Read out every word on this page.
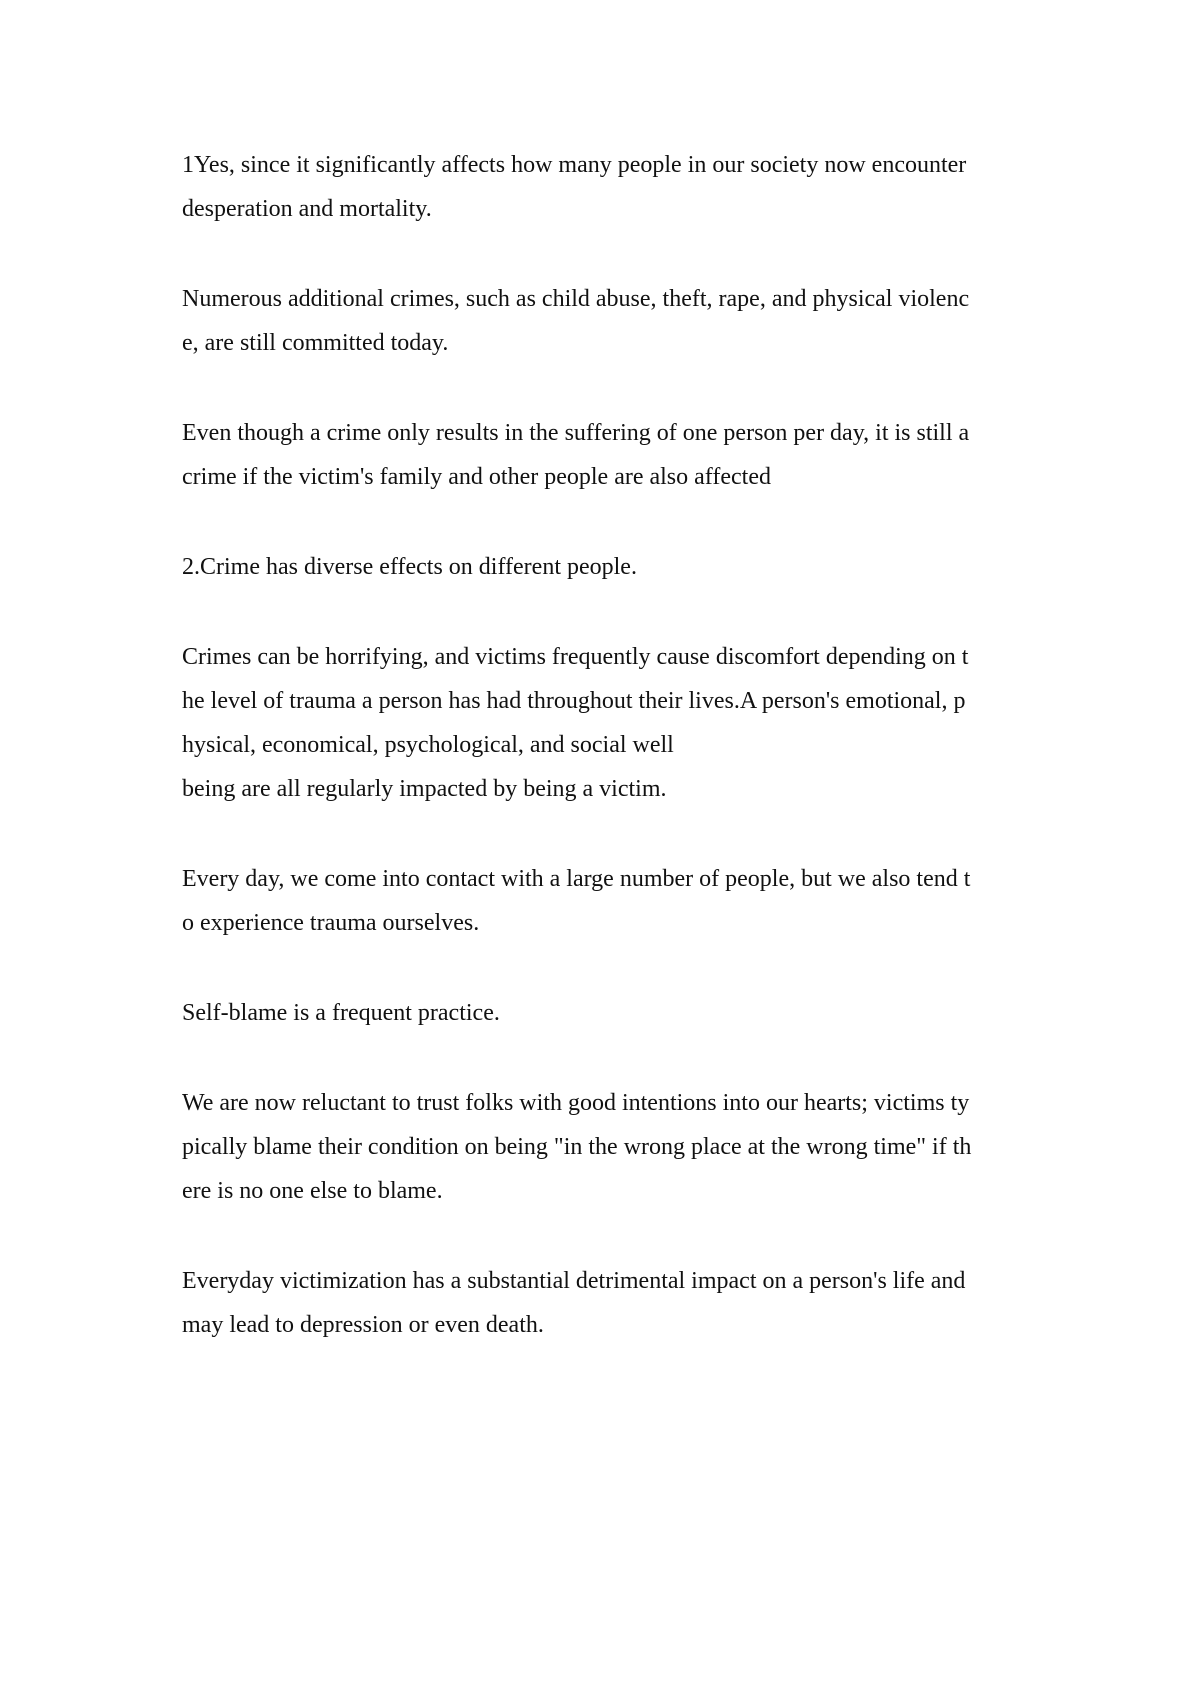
1Yes, since it significantly affects how many people in our society now encounter
desperation and mortality.

Numerous additional crimes, such as child abuse, theft, rape, and physical violenc
e, are still committed today.

Even though a crime only results in the suffering of one person per day, it is still a
crime if the victim's family and other people are also affected

2.Crime has diverse effects on different people.

Crimes can be horrifying, and victims frequently cause discomfort depending on t
he level of trauma a person has had throughout their lives.A person's emotional, p
hysical, economical, psychological, and social well
being are all regularly impacted by being a victim.

Every day, we come into contact with a large number of people, but we also tend t
o experience trauma ourselves.

Self-blame is a frequent practice.

We are now reluctant to trust folks with good intentions into our hearts; victims ty
pically blame their condition on being "in the wrong place at the wrong time" if th
ere is no one else to blame.

Everyday victimization has a substantial detrimental impact on a person's life and
may lead to depression or even death.
